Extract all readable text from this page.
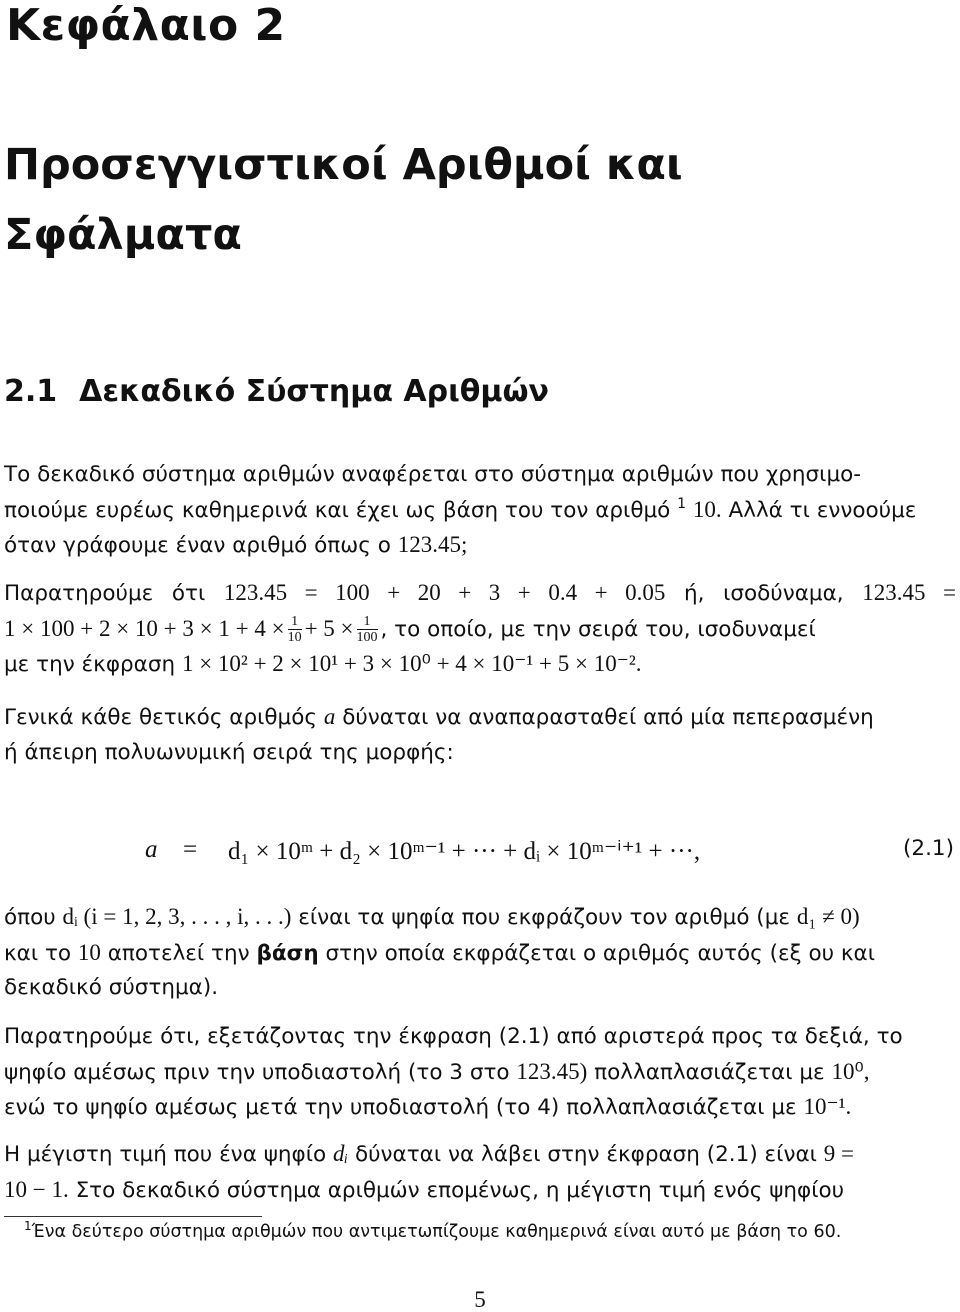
Κεφάλαιο 2
Προσεγγιστικοί Αριθμοί και
Σφάλματα
2.1 Δεκαδικό Σύστημα Αριθμών
Το δεκαδικό σύστημα αριθμών αναφέρεται στο σύστημα αριθμών που χρησιμο-
ποιούμε ευρέως καθημερινά και έχει ως βάση του τον αριθμό $^1$ 10. Αλλά τι εννοούμε
όταν γράφουμε έναν αριθμό όπως ο 123.45;
Παρατηρούμε ότι 123.45 = 100 + 20 + 3 + 0.4 + 0.05 ή, ισοδύναμα, 123.45 =
$1 \times 100 + 2 \times 10 + 3 \times 1 + 4 \times \frac{1}{10} + 5 \times \frac{1}{100}$ , το οποίο, με την σειρά του, ισοδυναμεί
με την έκφραση 1 × 10² + 2 × 10¹ + 3 × 10⁰ + 4 × 10⁻¹ + 5 × 10⁻².
Γενικά κάθε θετικός αριθμός a δύναται να αναπαρασταθεί από μία πεπερασμένη
ή άπειρη πολυωνυμική σειρά της μορφής:
a = d₁ × 10ᵐ + d₂ × 10ᵐ⁻¹ + ··· + dᵢ × 10ᵐ⁻ⁱ⁺¹ + ···,	(2.1)
όπου dᵢ (i = 1, 2, 3, . . . , i, . . .) είναι τα ψηφία που εκφράζουν τον αριθμό (με d₁ ≠ 0)
και το 10 αποτελεί την βάση στην οποία εκφράζεται ο αριθμός αυτός (εξ ου και
δεκαδικό σύστημα).
Παρατηρούμε ότι, εξετάζοντας την έκφραση (2.1) από αριστερά προς τα δεξιά, το
ψηφίο αμέσως πριν την υποδιαστολή (το 3 στο 123.45) πολλαπλασιάζεται με 10⁰,
ενώ το ψηφίο αμέσως μετά την υποδιαστολή (το 4) πολλαπλασιάζεται με 10⁻¹.
Η μέγιστη τιμή που ένα ψηφίο dᵢ δύναται να λάβει στην έκφραση (2.1) είναι 9 =
10 − 1. Στο δεκαδικό σύστημα αριθμών επομένως, η μέγιστη τιμή ενός ψηφίου
$^1$Ένα δεύτερο σύστημα αριθμών που αντιμετωπίζουμε καθημερινά είναι αυτό με βάση το 60.
5
